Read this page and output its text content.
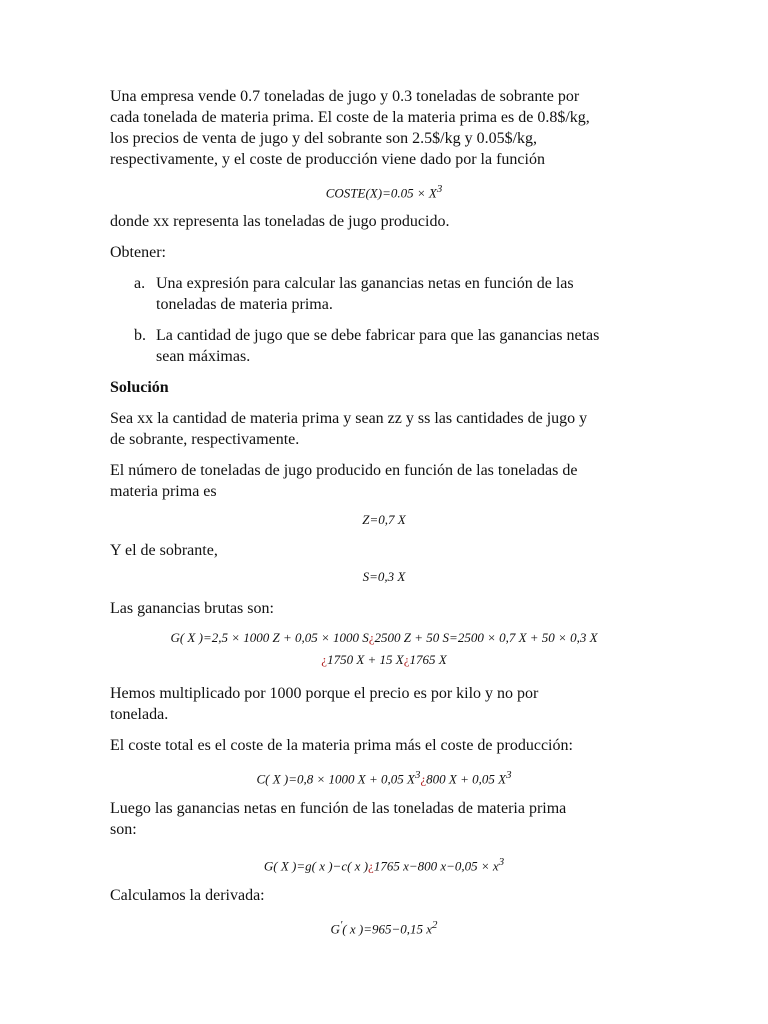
Una empresa vende 0.7 toneladas de jugo y 0.3 toneladas de sobrante por
cada tonelada de materia prima. El coste de la materia prima es de 0.8$/kg,
los precios de venta de jugo y del sobrante son 2.5$/kg y 0.05$/kg,
respectivamente, y el coste de producción viene dado por la función
COSTE(X)=0.05 × $X^3$
donde xx representa las toneladas de jugo producido.
Obtener:
a. Una expresión para calcular las ganancias netas en función de las
toneladas de materia prima.
b. La cantidad de jugo que se debe fabricar para que las ganancias netas
sean máximas.
Solución
Sea xx la cantidad de materia prima y sean zz y ss las cantidades de jugo y
de sobrante, respectivamente.
El número de toneladas de jugo producido en función de las toneladas de
materia prima es
Z=0,7 X
Y el de sobrante,
S=0,3 X
Las ganancias brutas son:
G( X )=2,5 × 1000 Z + 0,05 × 1000 S¿2500 Z + 50 S=2500 × 0,7 X + 50 × 0,3 X
¿1750 X + 15 X¿1765 X
Hemos multiplicado por 1000 porque el precio es por kilo y no por
tonelada.
El coste total es el coste de la materia prima más el coste de producción:
C( X )=0,8 × 1000 X + 0,05 $X^3¿800$ X + 0,05 $X^3$
Luego las ganancias netas en función de las toneladas de materia prima
son:
G( X )=g( x )−c( x )¿1765 x−800 $x-0,05 \times x^3$
Calculamos la derivada:
G'( x )=965−0,15 $x^2$
